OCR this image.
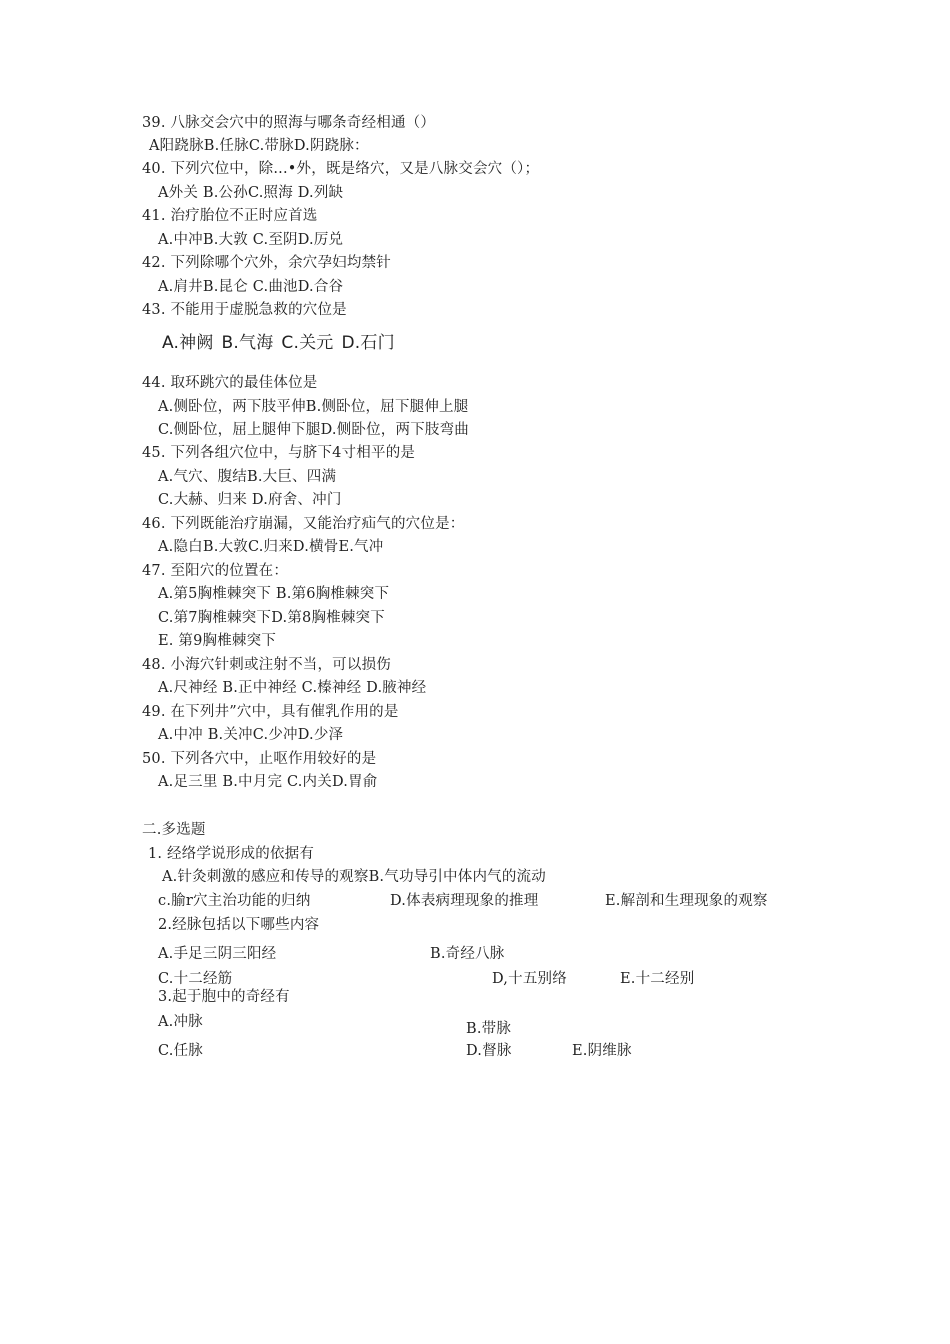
39. 八脉交会穴中的照海与哪条奇经相通（）
A阳跷脉B.任脉C.带脉D.阴跷脉：
40. 下列穴位中，除...•外，既是络穴，又是八脉交会穴（）；
A外关 B.公孙C.照海 D.列缺
41. 治疗胎位不正时应首选
A.中冲B.大敦 C.至阴D.厉兑
42. 下列除哪个穴外，余穴孕妇均禁针
A.肩井B.昆仑 C.曲池D.合谷
43. 不能用于虚脱急救的穴位是
A.神阙 B.气海 C.关元 D.石门
44. 取环跳穴的最佳体位是
A.侧卧位，两下肢平伸B.侧卧位，屈下腿伸上腿
C.侧卧位，屈上腿伸下腿D.侧卧位，两下肢弯曲
45. 下列各组穴位中，与脐下4寸相平的是
A.气穴、腹结B.大巨、四满
C.大赫、归来 D.府舍、冲门
46. 下列既能治疗崩漏，又能治疗疝气的穴位是：
A.隐白B.大敦C.归来D.横骨E.气冲
47. 至阳穴的位置在：
A.第5胸椎棘突下 B.第6胸椎棘突下
C.第7胸椎棘突下D.第8胸椎棘突下
E. 第9胸椎棘突下
48. 小海穴针刺或注射不当，可以损伤
A.尺神经 B.正中神经 C.榛神经 D.腋神经
49. 在下列井”穴中，具有催乳作用的是
A.中冲 B.关冲C.少冲D.少泽
50. 下列各穴中，止呕作用较好的是
A.足三里 B.中月完 C.内关D.胃俞
二.多选题
1. 经络学说形成的依据有
A.针灸刺激的感应和传导的观察B.气功导引中体内气的流动
c.腧r穴主治功能的归纳	D.体表病理现象的推理	E.解剖和生理现象的观察
2.经脉包括以下哪些内容
A.手足三阴三阳经	B.奇经八脉
C.十二经筋	D,十五别络	E.十二经别
3.起于胞中的奇经有
A.冲脉	B.带脉
C.任脉	D.督脉	E.阴维脉
